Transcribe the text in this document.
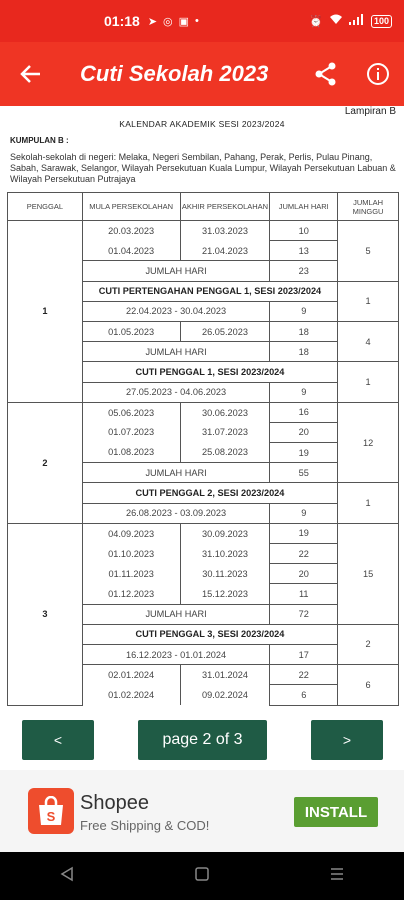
01:18 ➤ ◎ ▣ •	⏰	100
Cuti Sekolah 2023
Lampiran B
KALENDAR AKADEMIK SESI 2023/2024
KUMPULAN B :
Sekolah-sekolah di negeri: Melaka, Negeri Sembilan, Pahang, Perak, Perlis, Pulau Pinang, Sabah, Sarawak, Selangor, Wilayah Persekutuan Kuala Lumpur, Wilayah Persekutuan Labuan & Wilayah Persekutuan Putrajaya
PENGGAL	MULA PERSEKOLAHAN	AKHIR PERSEKOLAHAN	JUMLAH HARI	JUMLAH MINGGU
1	20.03.2023	31.03.2023	10	5
	01.04.2023	21.04.2023	13	
	JUMLAH HARI		23	
	CUTI PERTENGAHAN PENGGAL 1, SESI 2023/2024			1
	22.04.2023 - 30.04.2023		9	
	01.05.2023	26.05.2023	18	4
	JUMLAH HARI		18	
	CUTI PENGGAL 1, SESI 2023/2024			1
	27.05.2023 - 04.06.2023		9	
2	05.06.2023	30.06.2023	16	12
	01.07.2023	31.07.2023	20	
	01.08.2023	25.08.2023	19	
	JUMLAH HARI		55	
	CUTI PENGGAL 2, SESI 2023/2024			1
	26.08.2023 - 03.09.2023		9	
3	04.09.2023	30.09.2023	19	15
	01.10.2023	31.10.2023	22	
	01.11.2023	30.11.2023	20	
	01.12.2023	15.12.2023	11	
	JUMLAH HARI		72	
	CUTI PENGGAL 3, SESI 2023/2024			2
	16.12.2023 - 01.01.2024		17	
	02.01.2024	31.01.2024	22	6
	01.02.2024	09.02.2024	6	
<	page 2 of 3	>
S
Shopee
Free Shipping & COD!
INSTALL
